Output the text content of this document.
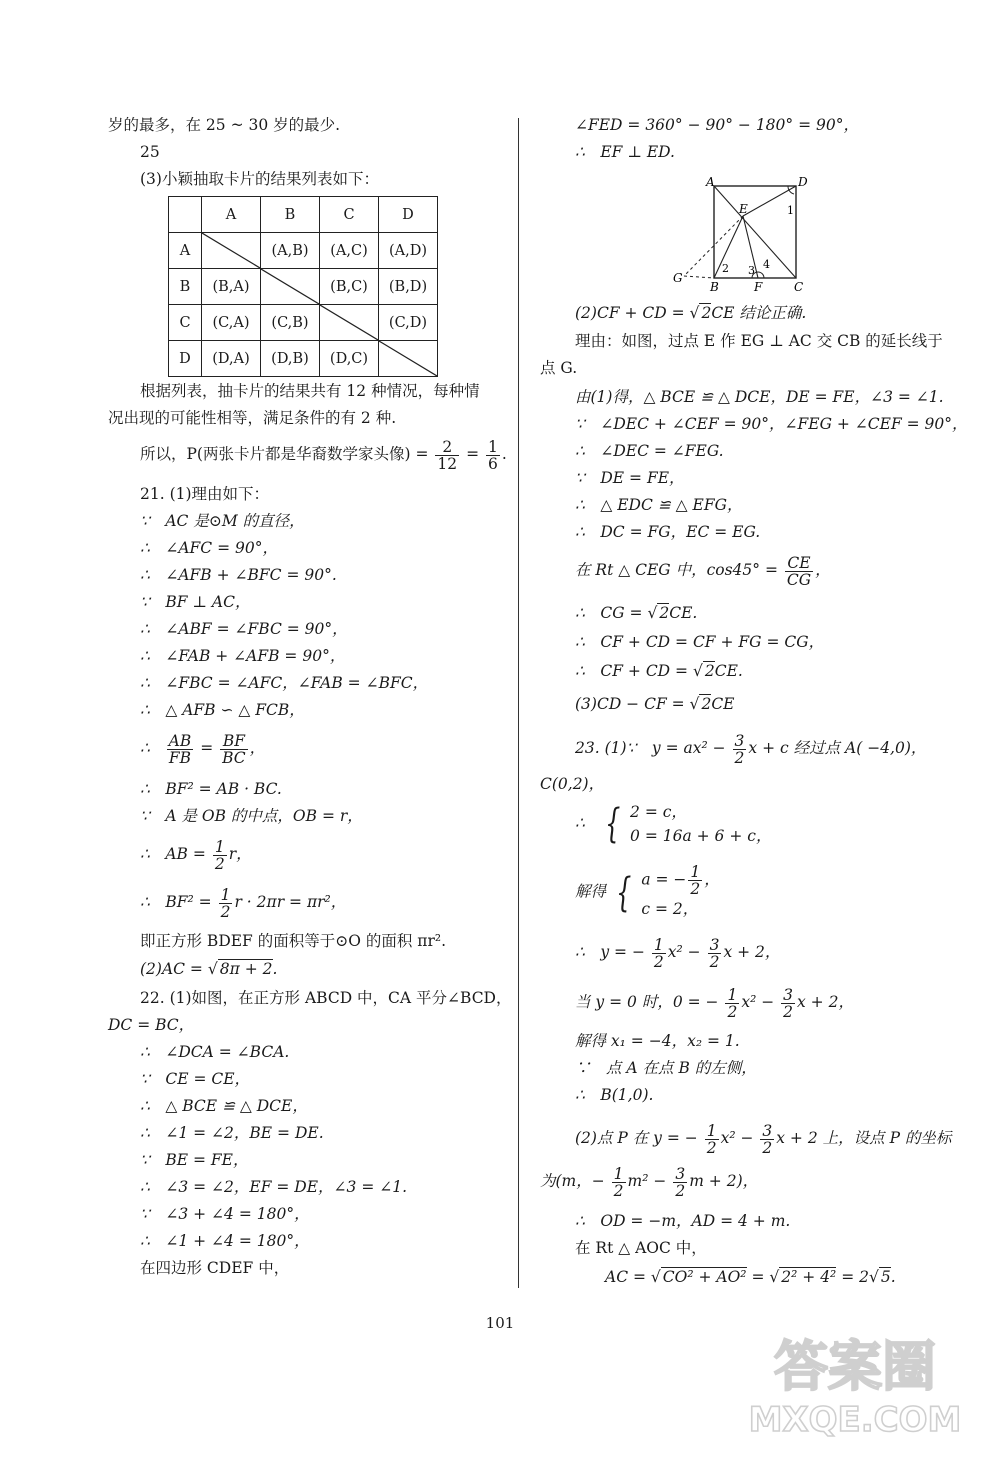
岁的最多，在 25 ~ 30 岁的最少.
25
(3)小颖抽取卡片的结果列表如下：
	A	B	C	D
A		(A,B)	(A,C)	(A,D)
B	(B,A)		(B,C)	(B,D)
C	(C,A)	(C,B)		(C,D)
D	(D,A)	(D,B)	(D,C)	
根据列表，抽卡片的结果共有 12 种情况，每种情
况出现的可能性相等，满足条件的有 2 种.
所以，P(两张卡片都是华裔数学家头像) = $\frac{2}{12} = \frac{1}{6}$ .
21. (1)理由如下：
∵　AC 是⊙M 的直径，
∴　∠AFC = 90°，
∴　∠AFB + ∠BFC = 90°.
∵　BF ⊥ AC，
∴　∠ABF = ∠FBC = 90°，
∴　∠FAB + ∠AFB = 90°，
∴　∠FBC = ∠AFC，∠FAB = ∠BFC，
∴　△ AFB ∽ △ FCB，
∴ $\frac{AB}{FB} = \frac{BF}{BC}$ ，
∴　BF² = AB · BC.
∵　A 是 OB 的中点，OB = r，
∴　AB = $\frac{1}{2}$ r，
∴　$BF^2 = \frac{1}{2}$ r · 2πr = πr²，
即正方形 BDEF 的面积等于⊙O 的面积 πr².
(2)AC = √ 8π + 2.
22. (1)如图，在正方形 ABCD 中，CA 平分∠BCD，
DC = BC，
∴　∠DCA = ∠BCA.
∵　CE = CE，
∴　△ BCE ≌ △ DCE，
∴　∠1 = ∠2，BE = DE.
∵　BE = FE，
∴　∠3 = ∠2，EF = DE，∠3 = ∠1.
∵　∠3 + ∠4 = 180°，
∴　∠1 + ∠4 = 180°，
在四边形 CDEF 中，
∠FED = 360° − 90° − 180° = 90°，
∴　EF ⊥ ED.
A	D
E
G
B	F	C
1
2 3 4
(2)CF + CD = √ 2CE 结论正确.
理由：如图，过点 E 作 EG ⊥ AC 交 CB 的延长线于
点 G.
由(1)得，△ BCE ≌ △ DCE，DE = FE，∠3 = ∠1.
∵　∠DEC + ∠CEF = 90°，∠FEG + ∠CEF = 90°，
∴　∠DEC = ∠FEG.
∵　DE = FE，
∴　△ EDC ≌ △ EFG，
∴　DC = FG，EC = EG.
在 Rt △ CEG 中，$\cos 45^\circ = \frac{CE}{CG}$ ，
∴　CG = √ 2CE.
∴　CF + CD = CF + FG = CG，
∴　CF + CD = √ 2CE.
(3)CD − CF = √ 2CE
23. (1)∵　$y = ax^2 - \frac{3}{2}$ x + c 经过点 A( −4,0)，
C(0,2)，
∴ { 2 = c，
0 = 16a + 6 + c，
解得 { a = − $\frac{1}{2}$ ，
c = 2，
∴　y = − $\frac{1}{2} x^2 - \frac{3}{2}$ x + 2，
当 y = 0 时，0 = − $\frac{1}{2} x^2 - \frac{3}{2}$ x + 2，
解得 x₁ = −4，x₂ = 1.
∵　点 A 在点 B 的左侧，
∴　B(1,0).
(2)点 P 在 y = − $\frac{1}{2} x^2 - \frac{3}{2}$ x + 2 上，设点 P 的坐标
为(m，− $\frac{1}{2} m^2 - \frac{3}{2}$ m + 2)，
∴　OD = −m，AD = 4 + m.
在 Rt △ AOC 中，
AC = √ CO² + AO² = √ 2² + 4² = 2√ 5.
101
答案圈
MXQE.COM
